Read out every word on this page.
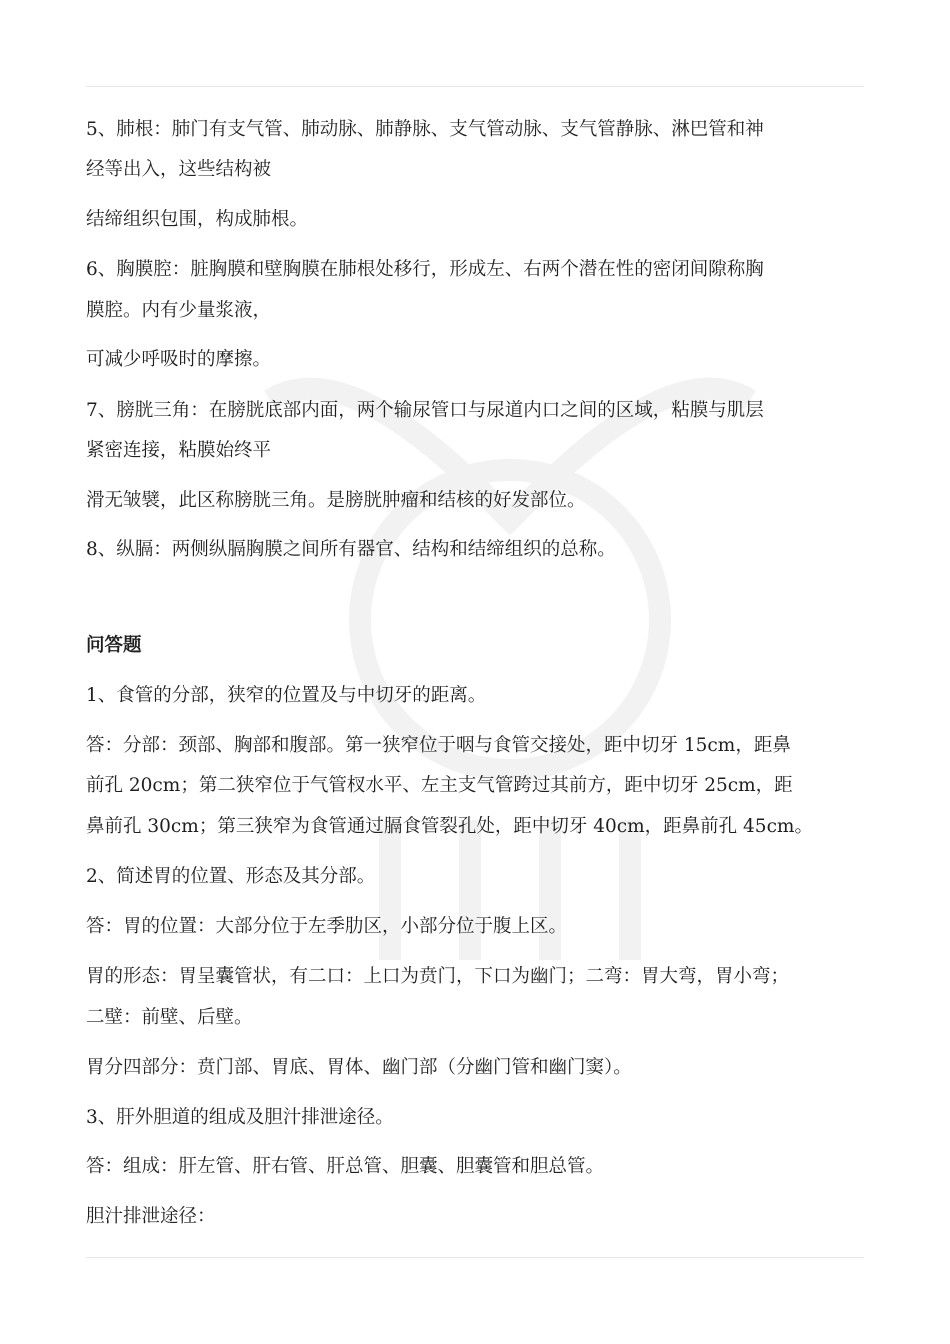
5、肺根：肺门有支气管、肺动脉、肺静脉、支气管动脉、支气管静脉、淋巴管和神
经等出入，这些结构被
结缔组织包围，构成肺根。
6、胸膜腔：脏胸膜和壁胸膜在肺根处移行，形成左、右两个潜在性的密闭间隙称胸
膜腔。内有少量浆液，
可减少呼吸时的摩擦。
7、膀胱三角：在膀胱底部内面，两个输尿管口与尿道内口之间的区域，粘膜与肌层
紧密连接，粘膜始终平
滑无皱襞，此区称膀胱三角。是膀胱肿瘤和结核的好发部位。
8、纵膈：两侧纵膈胸膜之间所有器官、结构和结缔组织的总称。
问答题
1、食管的分部，狭窄的位置及与中切牙的距离。
答：分部：颈部、胸部和腹部。第一狭窄位于咽与食管交接处，距中切牙 15cm，距鼻
前孔 20cm；第二狭窄位于气管杈水平、左主支气管跨过其前方，距中切牙 25cm，距
鼻前孔 30cm；第三狭窄为食管通过膈食管裂孔处，距中切牙 40cm，距鼻前孔 45cm。
2、简述胃的位置、形态及其分部。
答：胃的位置：大部分位于左季肋区，小部分位于腹上区。
胃的形态：胃呈囊管状，有二口：上口为贲门，下口为幽门；二弯：胃大弯，胃小弯；
二壁：前壁、后壁。
胃分四部分：贲门部、胃底、胃体、幽门部（分幽门管和幽门窦）。
3、肝外胆道的组成及胆汁排泄途径。
答：组成：肝左管、肝右管、肝总管、胆囊、胆囊管和胆总管。
胆汁排泄途径：
